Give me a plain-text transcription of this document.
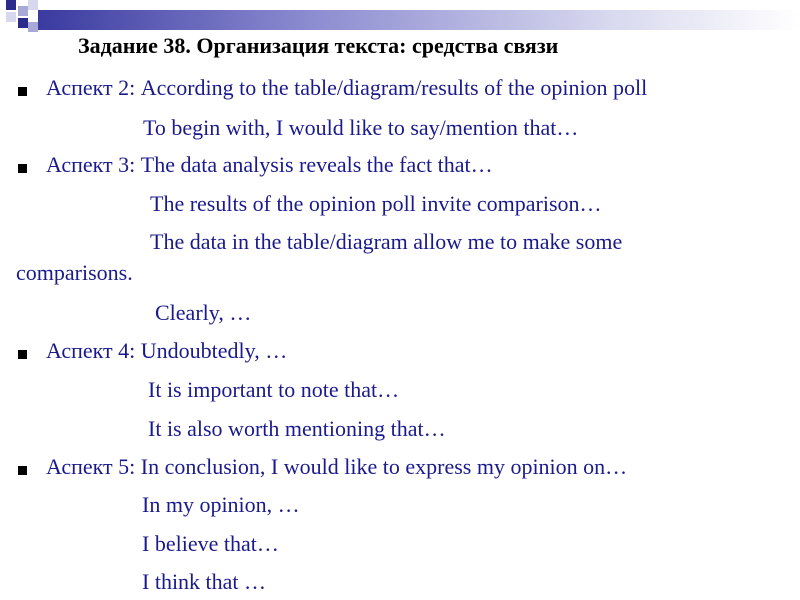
Задание 38. Организация текста: средства связи
Аспект 2: According to the table/diagram/results of the opinion poll
To begin with, I would like to say/mention that…
Аспект 3: The data analysis reveals the fact that…
The results of the opinion poll invite comparison…
The data in the table/diagram allow me to make some
comparisons.
Clearly, …
Аспект 4: Undoubtedly, …
It is important to note that…
It is also worth mentioning that…
Аспект 5: In conclusion, I would like to express my opinion on…
In my opinion, …
I believe that…
I think that …
